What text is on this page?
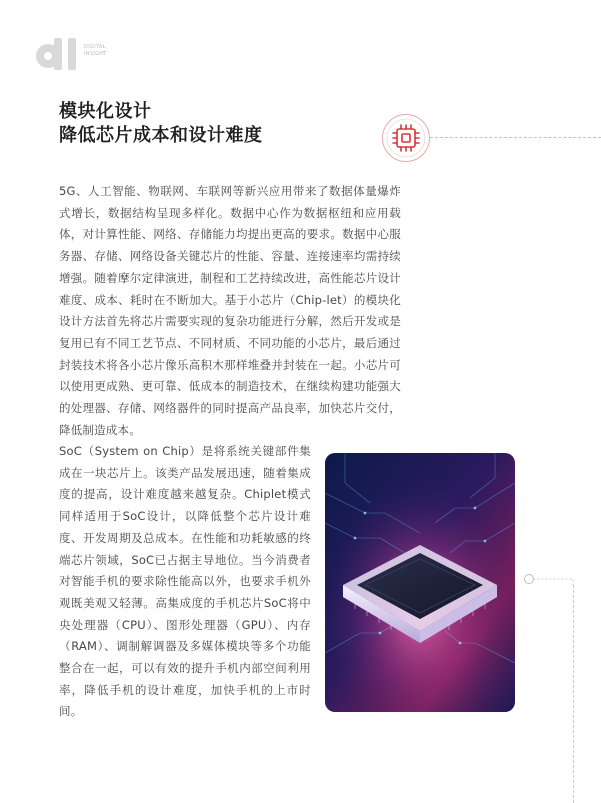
DIGITAL
INSIGHT
模块化设计
降低芯片成本和设计难度

5G、人工智能、物联网、车联网等新兴应用带来了数据体量爆炸式增长，数据结构呈现多样化。数据中心作为数据枢纽和应用载体，对计算性能、网络、存储能力均提出更高的要求。数据中心服务器、存储、网络设备关键芯片的性能、容量、连接速率均需持续增强。随着摩尔定律演进，制程和工艺持续改进，高性能芯片设计难度、成本、耗时在不断加大。基于小芯片（Chip-let）的模块化设计方法首先将芯片需要实现的复杂功能进行分解，然后开发或是复用已有不同工艺节点、不同材质、不同功能的小芯片，最后通过封装技术将各小芯片像乐高积木那样堆叠并封装在一起。小芯片可以使用更成熟、更可靠、低成本的制造技术，在继续构建功能强大的处理器、存储、网络器件的同时提高产品良率，加快芯片交付，降低制造成本。

SoC（System on Chip）是将系统关键部件集成在一块芯片上。该类产品发展迅速，随着集成度的提高，设计难度越来越复杂。Chiplet模式同样适用于SoC设计，以降低整个芯片设计难度、开发周期及总成本。在性能和功耗敏感的终端芯片领域，SoC已占据主导地位。当今消费者对智能手机的要求除性能高以外，也要求手机外观既美观又轻薄。高集成度的手机芯片SoC将中央处理器（CPU）、图形处理器（GPU）、内存（RAM）、调制解调器及多媒体模块等多个功能整合在一起，可以有效的提升手机内部空间利用率，降低手机的设计难度，加快手机的上市时间。
